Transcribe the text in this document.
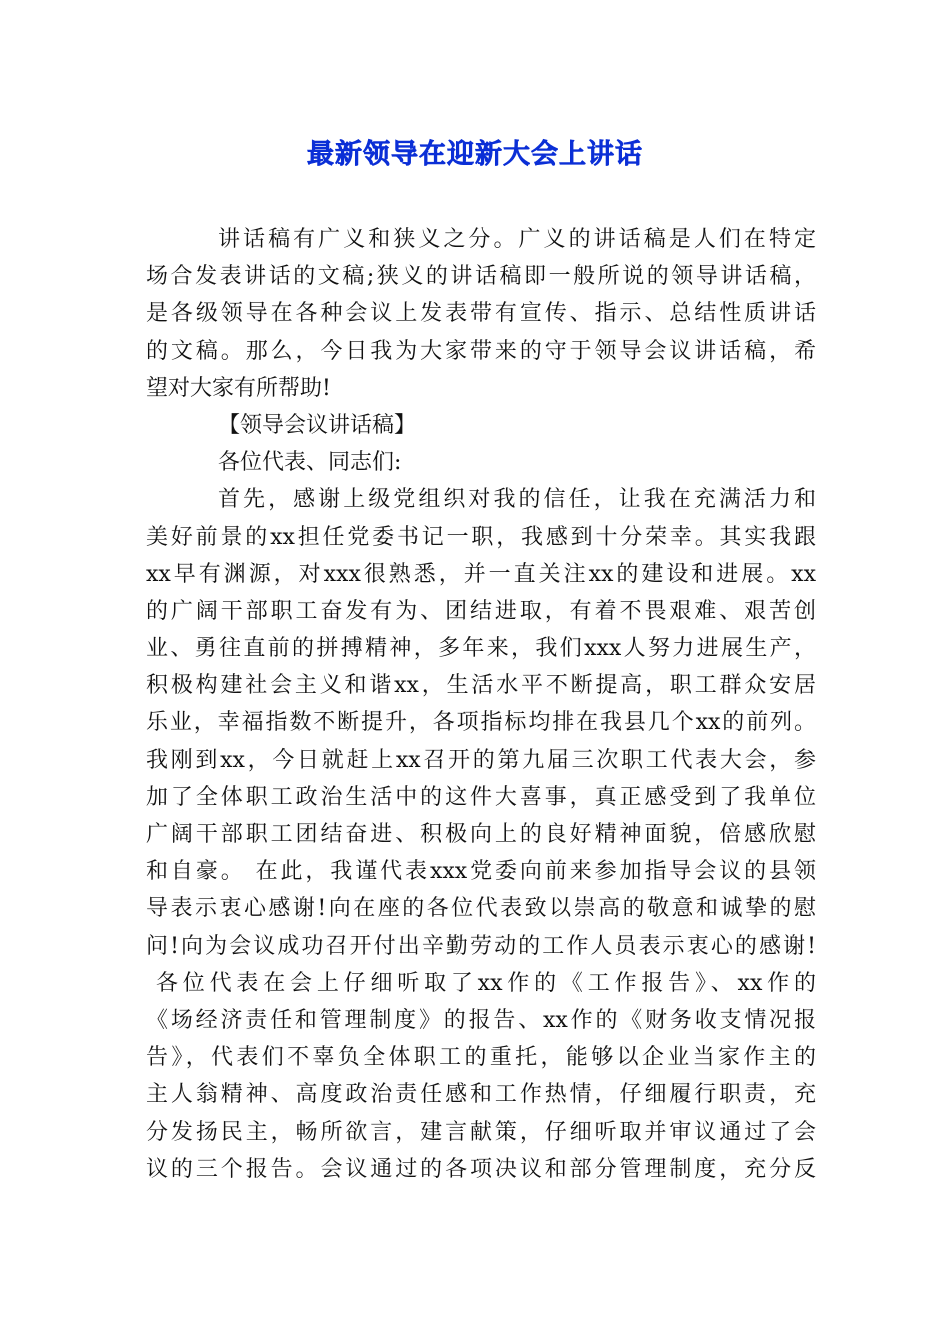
最新领导在迎新大会上讲话
讲话稿有广义和狭义之分。广义的讲话稿是人们在特定
场合发表讲话的文稿;狭义的讲话稿即一般所说的领导讲话稿，
是各级领导在各种会议上发表带有宣传、指示、总结性质讲话
的文稿。那么，今日我为大家带来的守于领导会议讲话稿，希
望对大家有所帮助!
【领导会议讲话稿】
各位代表、同志们:
首先，感谢上级党组织对我的信任，让我在充满活力和
美好前景的xx担任党委书记一职，我感到十分荣幸。其实我跟
xx早有渊源，对xxx很熟悉，并一直关注xx的建设和进展。xx
的广阔干部职工奋发有为、团结进取，有着不畏艰难、艰苦创
业、勇往直前的拼搏精神，多年来，我们xxx人努力进展生产，
积极构建社会主义和谐xx，生活水平不断提高，职工群众安居
乐业，幸福指数不断提升，各项指标均排在我县几个xx的前列。
我刚到xx，今日就赶上xx召开的第九届三次职工代表大会，参
加了全体职工政治生活中的这件大喜事，真正感受到了我单位
广阔干部职工团结奋进、积极向上的良好精神面貌，倍感欣慰
和自豪。 在此，我谨代表xxx党委向前来参加指导会议的县领
导表示衷心感谢!向在座的各位代表致以崇高的敬意和诚挚的慰
问!向为会议成功召开付出辛勤劳动的工作人员表示衷心的感谢!
各位代表在会上仔细听取了xx作的《工作报告》、xx作的
《场经济责任和管理制度》的报告、xx作的《财务收支情况报
告》，代表们不辜负全体职工的重托，能够以企业当家作主的
主人翁精神、高度政治责任感和工作热情，仔细履行职责，充
分发扬民主，畅所欲言，建言献策，仔细听取并审议通过了会
议的三个报告。会议通过的各项决议和部分管理制度，充分反
